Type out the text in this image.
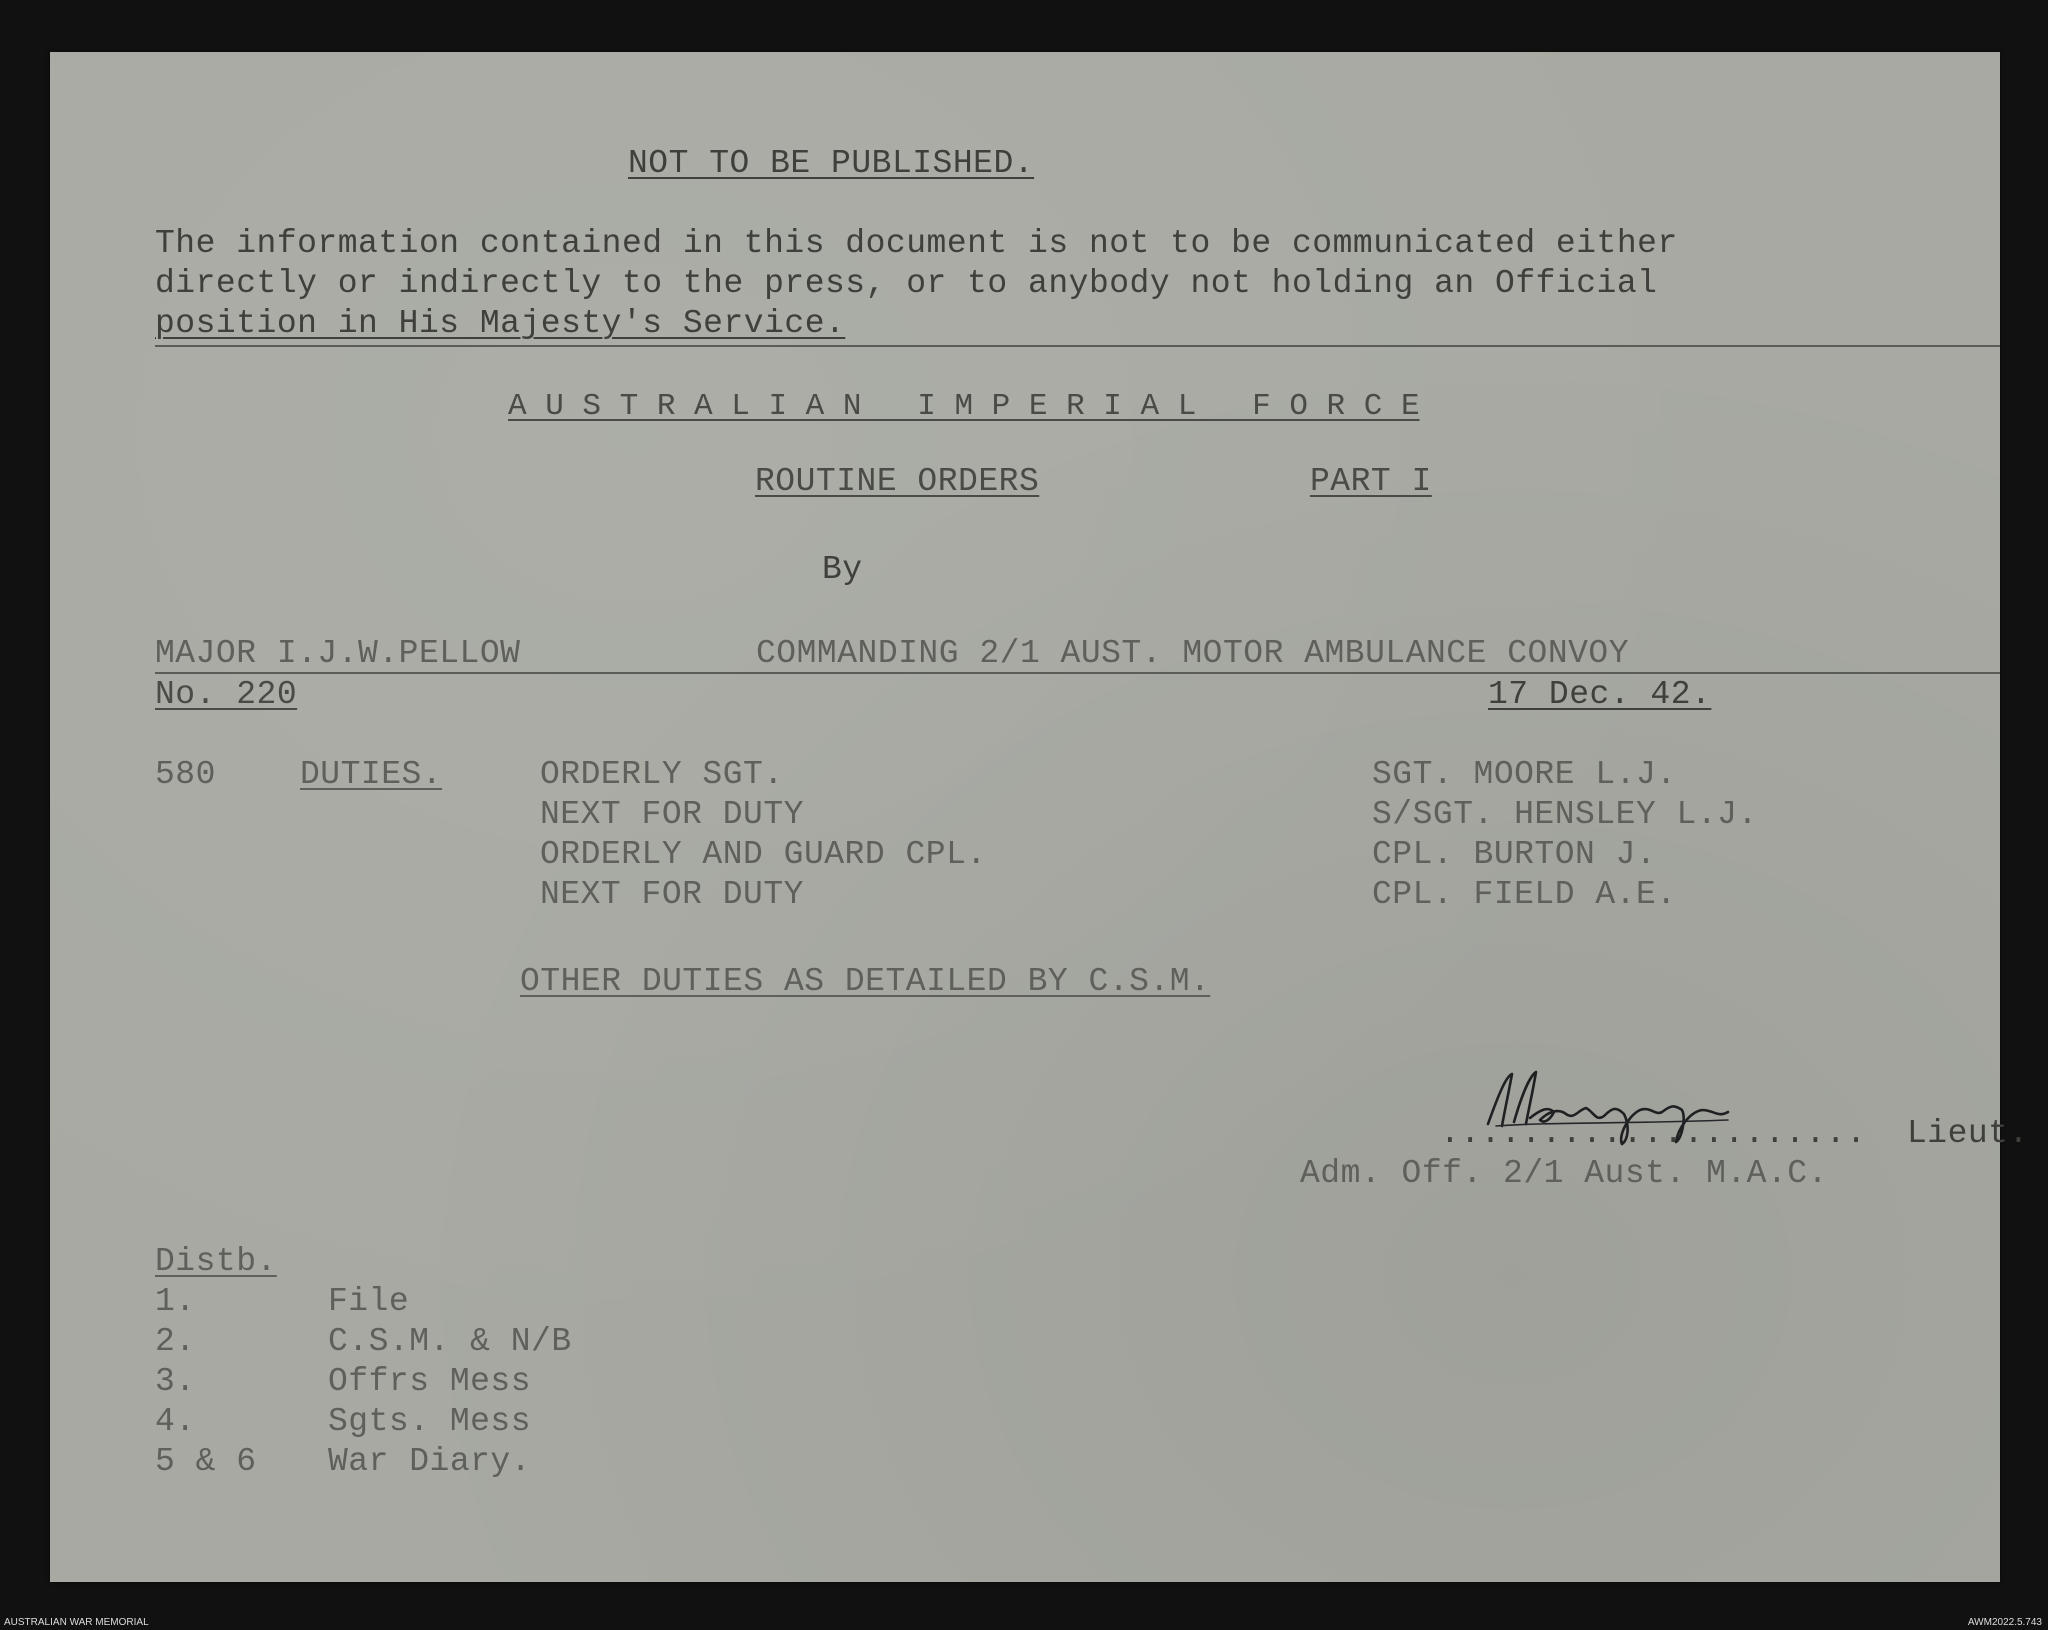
NOT TO BE PUBLISHED.
The information contained in this document is not to be communicated either
directly or indirectly to the press, or to anybody not holding an Official
position in His Majesty's Service.
A U S T R A L I A N   I M P E R I A L   F O R C E
ROUTINE ORDERS	PART I
By
MAJOR I.J.W.PELLOW	COMMANDING 2/1 AUST. MOTOR AMBULANCE CONVOY
No. 220	17 Dec. 42.
580	DUTIES.	ORDERLY SGT.	SGT. MOORE L.J.
NEXT FOR DUTY	S/SGT. HENSLEY L.J.
ORDERLY AND GUARD CPL.	CPL. BURTON J.
NEXT FOR DUTY	CPL. FIELD A.E.
OTHER DUTIES AS DETAILED BY C.S.M.
.....................  Lieut.
Adm. Off. 2/1 Aust. M.A.C.
Distb.
1.	File
2.	C.S.M. & N/B
3.	Offrs Mess
4.	Sgts. Mess
5 & 6 War Diary.
AUSTRALIAN WAR MEMORIAL	AWM2022.5.743
